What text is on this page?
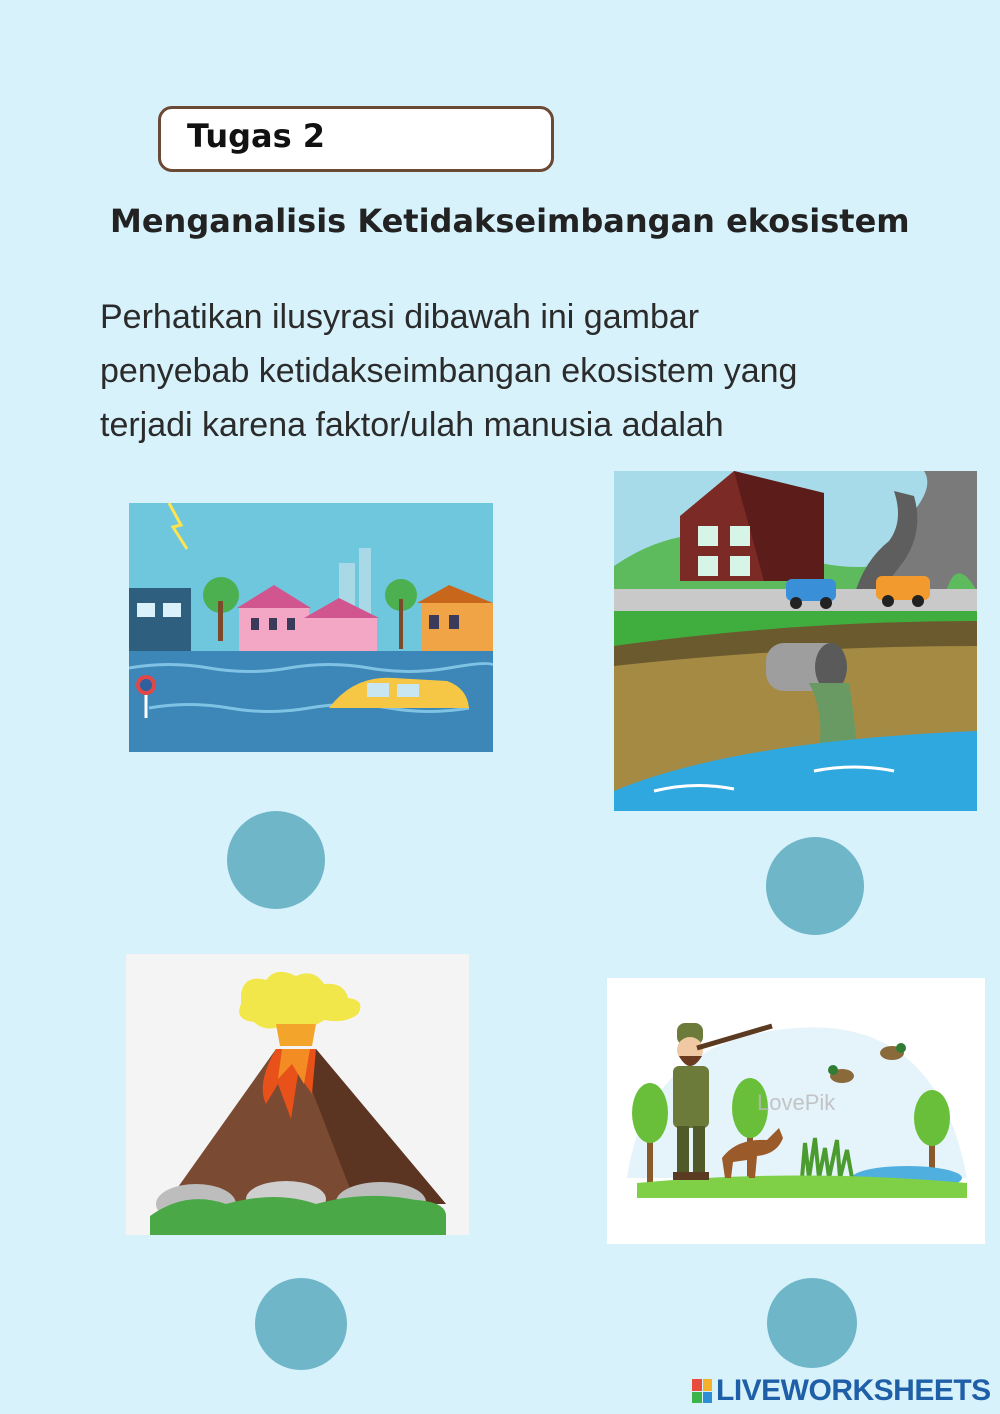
Tugas 2
Menganalisis Ketidakseimbangan ekosistem
Perhatikan ilusyrasi dibawah ini gambar
penyebab ketidakseimbangan ekosistem yang
terjadi karena faktor/ulah manusia adalah
LovePik
LIVEWORKSHEETS
